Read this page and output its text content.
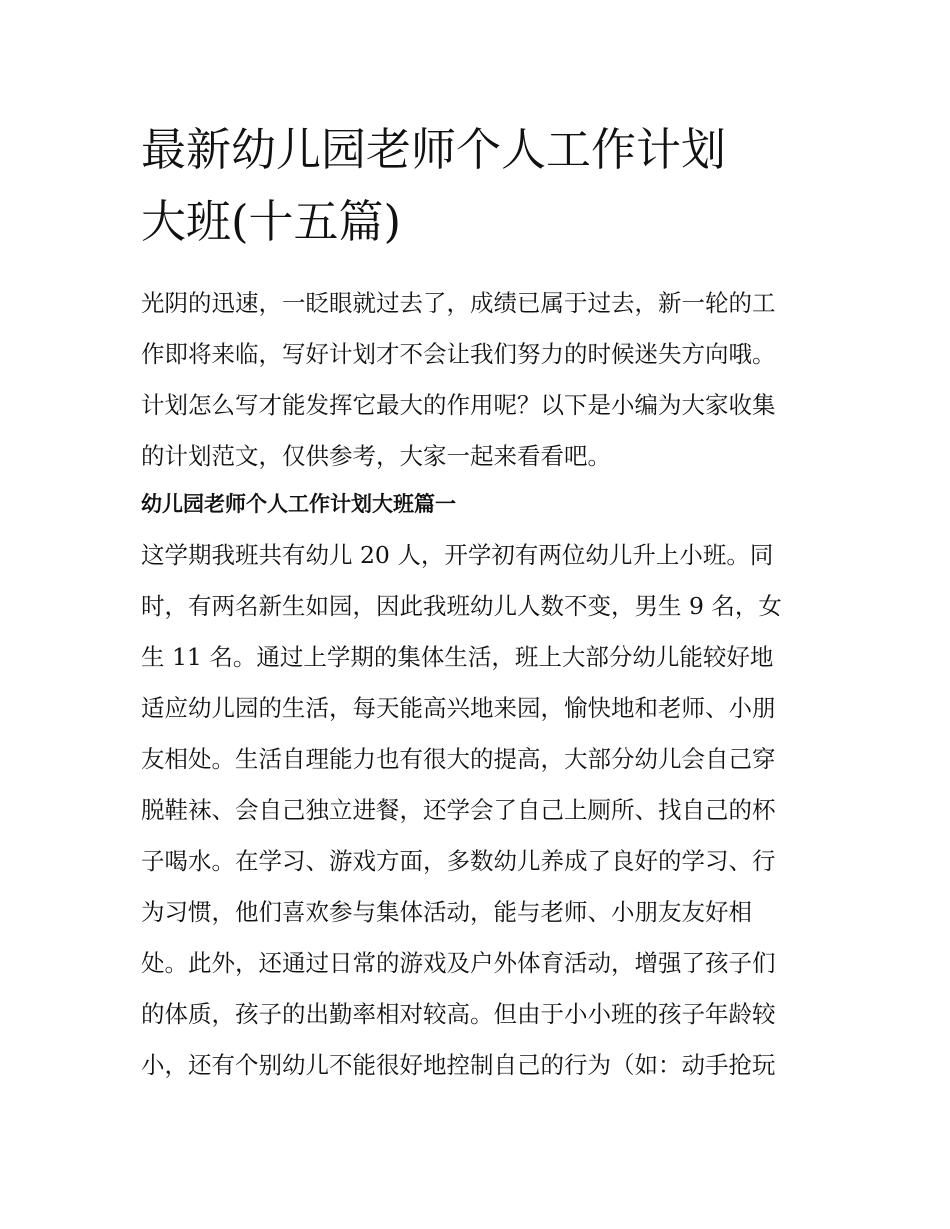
最新幼儿园老师个人工作计划
大班(十五篇)
光阴的迅速，一眨眼就过去了，成绩已属于过去，新一轮的工
作即将来临，写好计划才不会让我们努力的时候迷失方向哦。
计划怎么写才能发挥它最大的作用呢？以下是小编为大家收集
的计划范文，仅供参考，大家一起来看看吧。
幼儿园老师个人工作计划大班篇一
这学期我班共有幼儿 20 人，开学初有两位幼儿升上小班。同
时，有两名新生如园，因此我班幼儿人数不变，男生 9 名，女
生 11 名。通过上学期的集体生活，班上大部分幼儿能较好地
适应幼儿园的生活，每天能高兴地来园，愉快地和老师、小朋
友相处。生活自理能力也有很大的提高，大部分幼儿会自己穿
脱鞋袜、会自己独立进餐，还学会了自己上厕所、找自己的杯
子喝水。在学习、游戏方面，多数幼儿养成了良好的学习、行
为习惯，他们喜欢参与集体活动，能与老师、小朋友友好相
处。此外，还通过日常的游戏及户外体育活动，增强了孩子们
的体质，孩子的出勤率相对较高。但由于小小班的孩子年龄较
小，还有个别幼儿不能很好地控制自己的行为（如：动手抢玩
